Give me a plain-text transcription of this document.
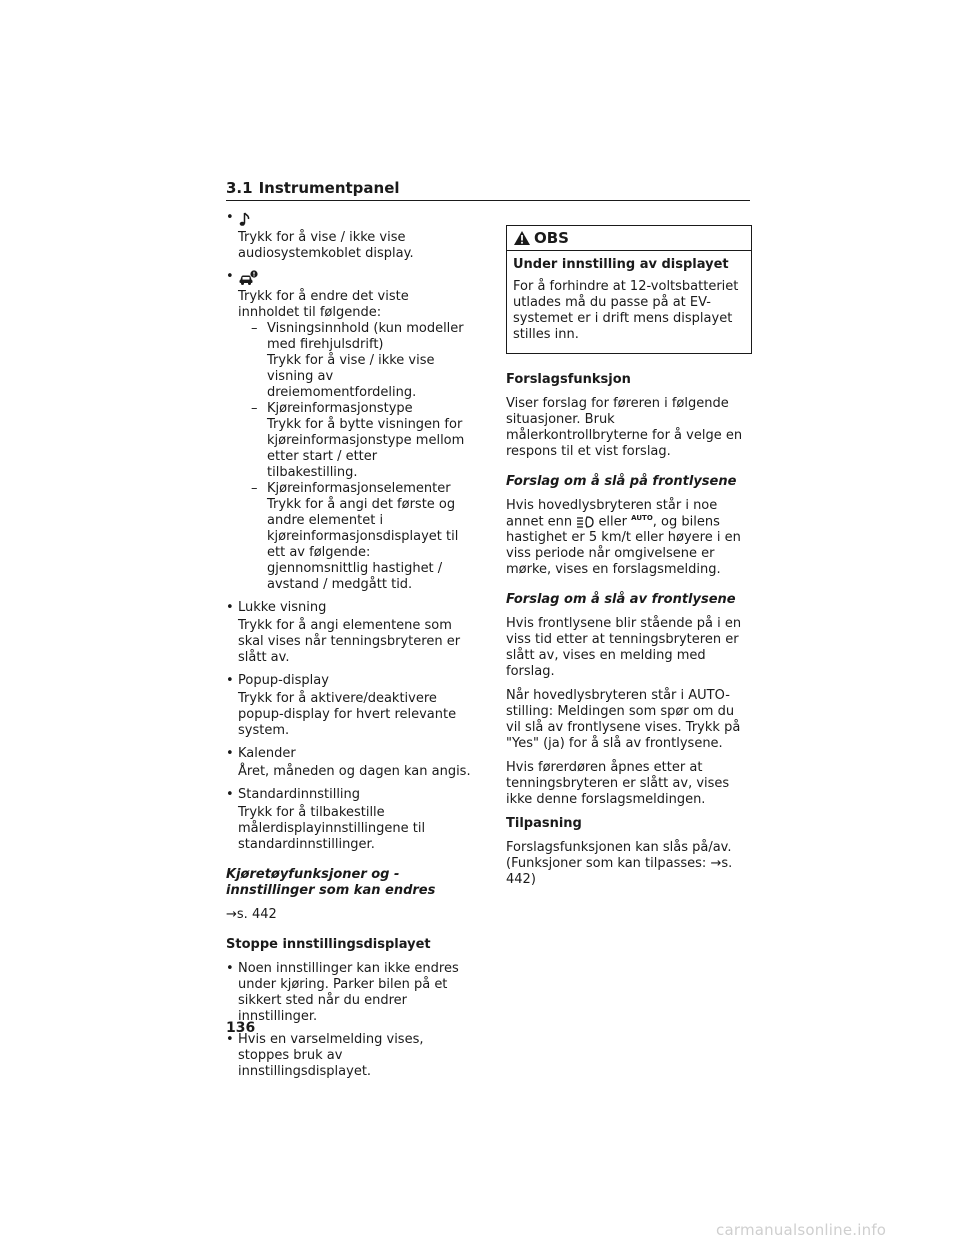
3.1 Instrumentpanel
•
Trykk for å vise / ikke vise audiosystemkoblet display.
•
Trykk for å endre det viste innholdet til følgende:
– Visningsinnhold (kun modeller med firehjulsdrift)
Trykk for å vise / ikke vise visning av dreiemomentfordeling.
– Kjøreinformasjonstype
Trykk for å bytte visningen for kjøreinformasjonstype mellom etter start / etter tilbakestilling.
– Kjøreinformasjonselementer
Trykk for å angi det første og andre elementet i kjøreinformasjonsdisplayet til ett av følgende: gjennomsnittlig hastighet / avstand / medgått tid.
• Lukke visning
Trykk for å angi elementene som skal vises når tenningsbryteren er slått av.
• Popup-display
Trykk for å aktivere/deaktivere popup-display for hvert relevante system.
• Kalender
Året, måneden og dagen kan angis.
• Standardinnstilling
Trykk for å tilbakestille målerdisplayinnstillingene til standardinnstillinger.
Kjøretøyfunksjoner og -innstillinger som kan endres

→s. 442

Stoppe innstillingsdisplayet
• Noen innstillinger kan ikke endres under kjøring. Parker bilen på et sikkert sted når du endrer innstillinger.
• Hvis en varselmelding vises, stoppes bruk av innstillingsdisplayet.
OBS
Under innstilling av displayet

For å forhindre at 12-voltsbatteriet utlades må du passe på at EV-systemet er i drift mens displayet stilles inn.

Forslagsfunksjon

Viser forslag for føreren i følgende situasjoner. Bruk målerkontrollbryterne for å velge en respons til et vist forslag.

Forslag om å slå på frontlysene

Hvis hovedlysbryteren står i noe annet enn eller AUTO, og bilens hastighet er 5 km/t eller høyere i en viss periode når omgivelsene er mørke, vises en forslagsmelding.

Forslag om å slå av frontlysene

Hvis frontlysene blir stående på i en viss tid etter at tenningsbryteren er slått av, vises en melding med forslag.

Når hovedlysbryteren står i AUTO-stilling: Meldingen som spør om du vil slå av frontlysene vises. Trykk på "Yes" (ja) for å slå av frontlysene.

Hvis førerdøren åpnes etter at tenningsbryteren er slått av, vises ikke denne forslagsmeldingen.

Tilpasning

Forslagsfunksjonen kan slås på/av. (Funksjoner som kan tilpasses: →s. 442)

136
carmanualsonline.info
